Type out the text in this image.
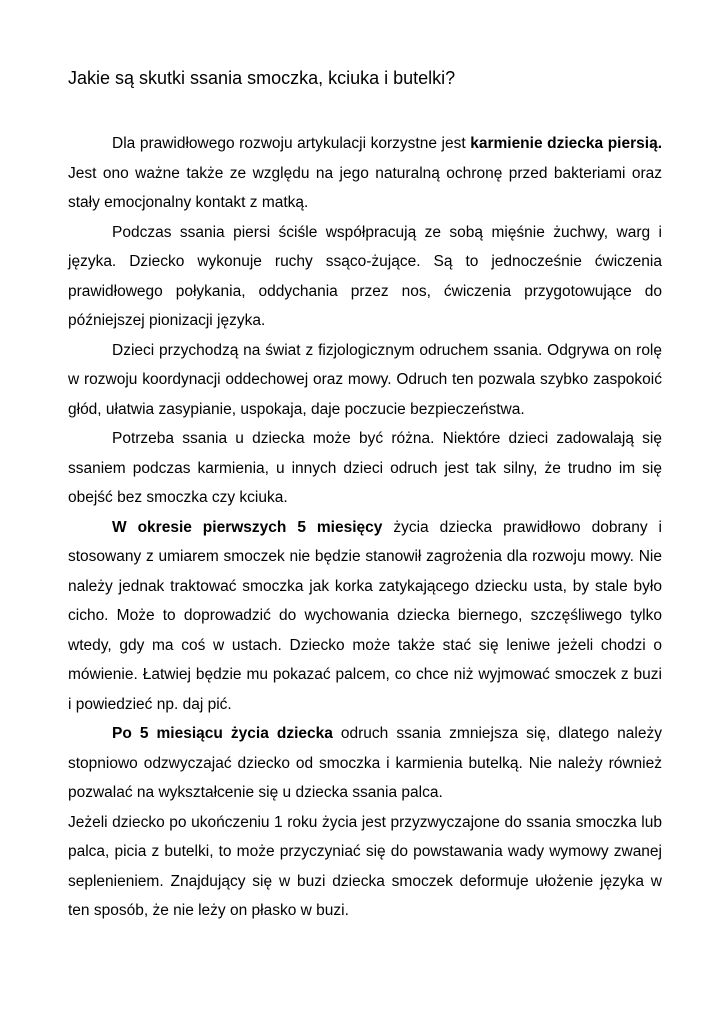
Jakie są skutki ssania smoczka, kciuka i butelki?

Dla prawidłowego rozwoju artykulacji korzystne jest karmienie dziecka piersią. Jest ono ważne także ze względu na jego naturalną ochronę przed bakteriami oraz stały emocjonalny kontakt z matką.

Podczas ssania piersi ściśle współpracują ze sobą mięśnie żuchwy, warg i języka. Dziecko wykonuje ruchy ssąco-żujące. Są to jednocześnie ćwiczenia prawidłowego połykania, oddychania przez nos, ćwiczenia przygotowujące do późniejszej pionizacji języka.

Dzieci przychodzą na świat z fizjologicznym odruchem ssania. Odgrywa on rolę w rozwoju koordynacji oddechowej oraz mowy. Odruch ten pozwala szybko zaspokoić głód, ułatwia zasypianie, uspokaja, daje poczucie bezpieczeństwa.

Potrzeba ssania u dziecka może być różna. Niektóre dzieci zadowalają się ssaniem podczas karmienia, u innych dzieci odruch jest tak silny, że trudno im się obejść bez smoczka czy kciuka.

W okresie pierwszych 5 miesięcy życia dziecka prawidłowo dobrany i stosowany z umiarem smoczek nie będzie stanowił zagrożenia dla rozwoju mowy. Nie należy jednak traktować smoczka jak korka zatykającego dziecku usta, by stale było cicho. Może to doprowadzić do wychowania dziecka biernego, szczęśliwego tylko wtedy, gdy ma coś w ustach. Dziecko może także stać się leniwe jeżeli chodzi o mówienie. Łatwiej będzie mu pokazać palcem, co chce niż wyjmować smoczek z buzi i powiedzieć np. daj pić.

Po 5 miesiącu życia dziecka odruch ssania zmniejsza się, dlatego należy stopniowo odzwyczajać dziecko od smoczka i karmienia butelką. Nie należy również pozwalać na wykształcenie się u dziecka ssania palca.

Jeżeli dziecko po ukończeniu 1 roku życia jest przyzwyczajone do ssania smoczka lub palca, picia z butelki, to może przyczyniać się do powstawania wady wymowy zwanej seplenieniem. Znajdujący się w buzi dziecka smoczek deformuje ułożenie języka w ten sposób, że nie leży on płasko w buzi.
